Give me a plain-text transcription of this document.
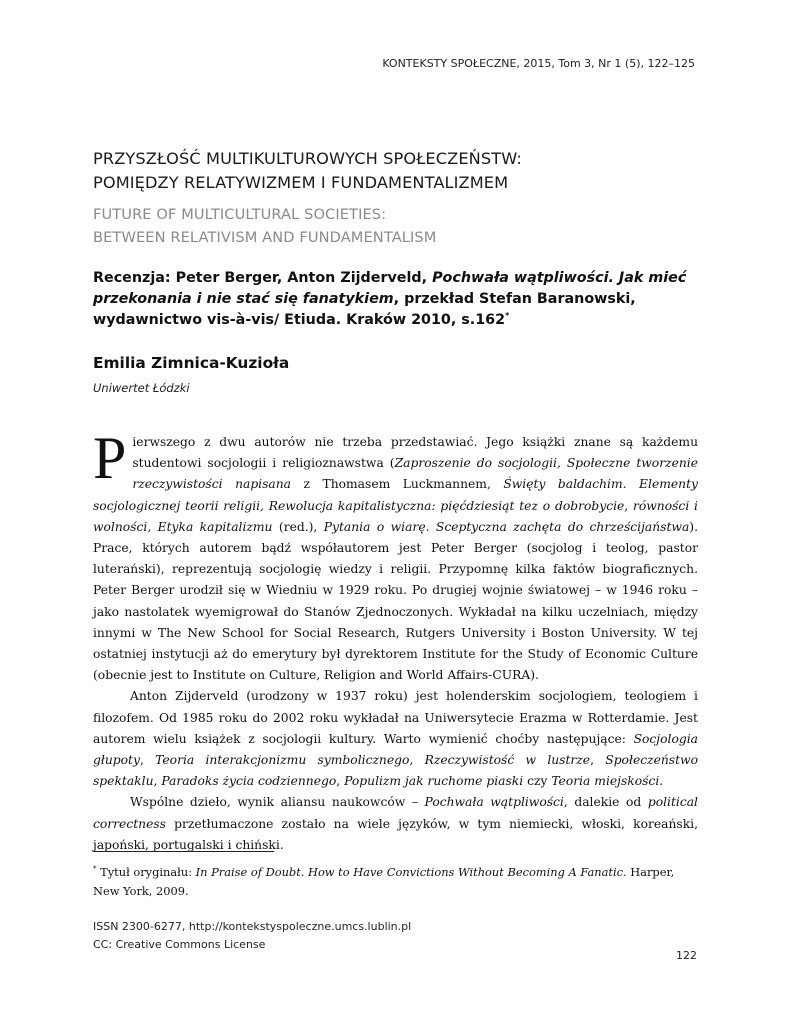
KONTEKSTY SPOŁECZNE, 2015, Tom 3, Nr 1 (5), 122–125
PRZYSZŁOŚĆ MULTIKULTUROWYCH SPOŁECZEŃSTW:
POMIĘDZY RELATYWIZMEM I FUNDAMENTALIZMEM
FUTURE OF MULTICULTURAL SOCIETIES:
BETWEEN RELATIVISM AND FUNDAMENTALISM
Recenzja: Peter Berger, Anton Zijderveld, Pochwała wątpliwości. Jak mieć przekonania i nie stać się fanatykiem, przekład Stefan Baranowski, wydawnictwo vis-à-vis/ Etiuda. Kraków 2010, s.162*
Emilia Zimnica-Kuzioła
Uniwertet Łódzki

Pierwszego z dwu autorów nie trzeba przedstawiać. Jego książki znane są każdemu studentowi socjologii i religioznawstwa (Zaproszenie do socjologii, Społeczne tworzenie rzeczywistości napisana z Thomasem Luckmannem, Święty baldachim. Elementy socjologicznej teorii religii, Rewolucja kapitalistyczna: pięćdziesiąt tez o dobrobycie, równości i wolności, Etyka kapitalizmu (red.), Pytania o wiarę. Sceptyczna zachęta do chrześcijaństwa). Prace, których autorem bądź współautorem jest Peter Berger (socjolog i teolog, pastor luterański), reprezentują socjologię wiedzy i religii. Przypomnę kilka faktów biograficznych. Peter Berger urodził się w Wiedniu w 1929 roku. Po drugiej wojnie światowej – w 1946 roku – jako nastolatek wyemigrował do Stanów Zjednoczonych. Wykładał na kilku uczelniach, między innymi w The New School for Social Research, Rutgers University i Boston University. W tej ostatniej instytucji aż do emerytury był dyrektorem Institute for the Study of Economic Culture (obecnie jest to Institute on Culture, Religion and World Affairs-CURA).

Anton Zijderveld (urodzony w 1937 roku) jest holenderskim socjologiem, teologiem i filozofem. Od 1985 roku do 2002 roku wykładał na Uniwersytecie Erazma w Rotterdamie. Jest autorem wielu książek z socjologii kultury. Warto wymienić choćby następujące: Socjologia głupoty, Teoria interakcjonizmu symbolicznego, Rzeczywistość w lustrze, Społeczeństwo spektaklu, Paradoks życia codziennego, Populizm jak ruchome piaski czy Teoria miejskości.

Wspólne dzieło, wynik aliansu naukowców – Pochwała wątpliwości, dalekie od political correctness przetłumaczone zostało na wiele języków, w tym niemiecki, włoski, koreański, japoński, portugalski i chiński.

* Tytuł oryginału: In Praise of Doubt. How to Have Convictions Without Becoming A Fanatic. Harper, New York, 2009.
ISSN 2300-6277, http://kontekstyspoleczne.umcs.lublin.pl
CC: Creative Commons License
122
